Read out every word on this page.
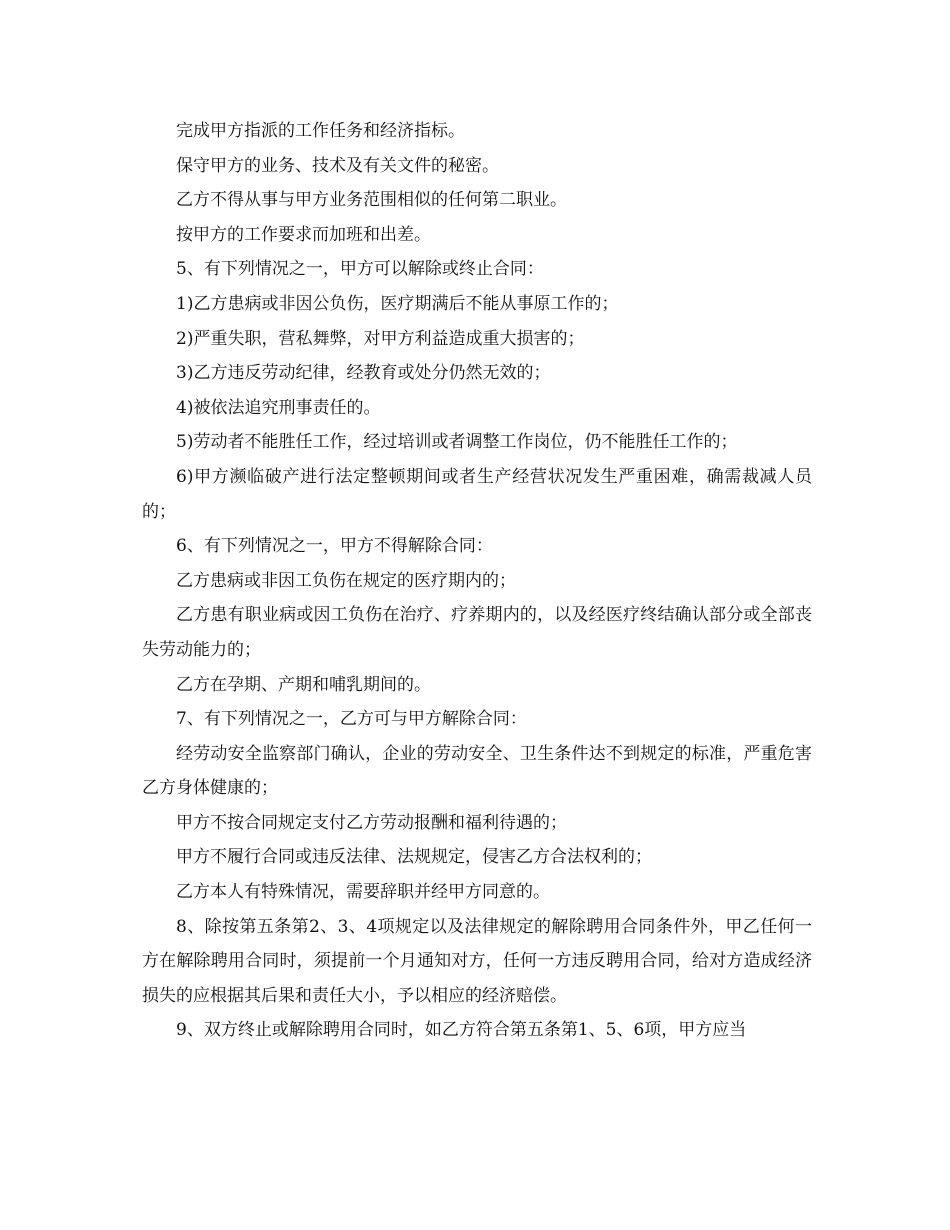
完成甲方指派的工作任务和经济指标。

保守甲方的业务、技术及有关文件的秘密。

乙方不得从事与甲方业务范围相似的任何第二职业。

按甲方的工作要求而加班和出差。

5、有下列情况之一，甲方可以解除或终止合同：

1)乙方患病或非因公负伤，医疗期满后不能从事原工作的；

2)严重失职，营私舞弊，对甲方利益造成重大损害的；

3)乙方违反劳动纪律，经教育或处分仍然无效的；

4)被依法追究刑事责任的。

5)劳动者不能胜任工作，经过培训或者调整工作岗位，仍不能胜任工作的；

6)甲方濒临破产进行法定整顿期间或者生产经营状况发生严重困难，确需裁减人员的；

6、有下列情况之一，甲方不得解除合同：

乙方患病或非因工负伤在规定的医疗期内的；

乙方患有职业病或因工负伤在治疗、疗养期内的，以及经医疗终结确认部分或全部丧失劳动能力的；

乙方在孕期、产期和哺乳期间的。

7、有下列情况之一，乙方可与甲方解除合同：

经劳动安全监察部门确认，企业的劳动安全、卫生条件达不到规定的标准，严重危害乙方身体健康的；

甲方不按合同规定支付乙方劳动报酬和福利待遇的；

甲方不履行合同或违反法律、法规规定，侵害乙方合法权利的；

乙方本人有特殊情况，需要辞职并经甲方同意的。

8、除按第五条第2、3、4项规定以及法律规定的解除聘用合同条件外，甲乙任何一方在解除聘用合同时，须提前一个月通知对方，任何一方违反聘用合同，给对方造成经济损失的应根据其后果和责任大小，予以相应的经济赔偿。

9、双方终止或解除聘用合同时，如乙方符合第五条第1、5、6项，甲方应当
